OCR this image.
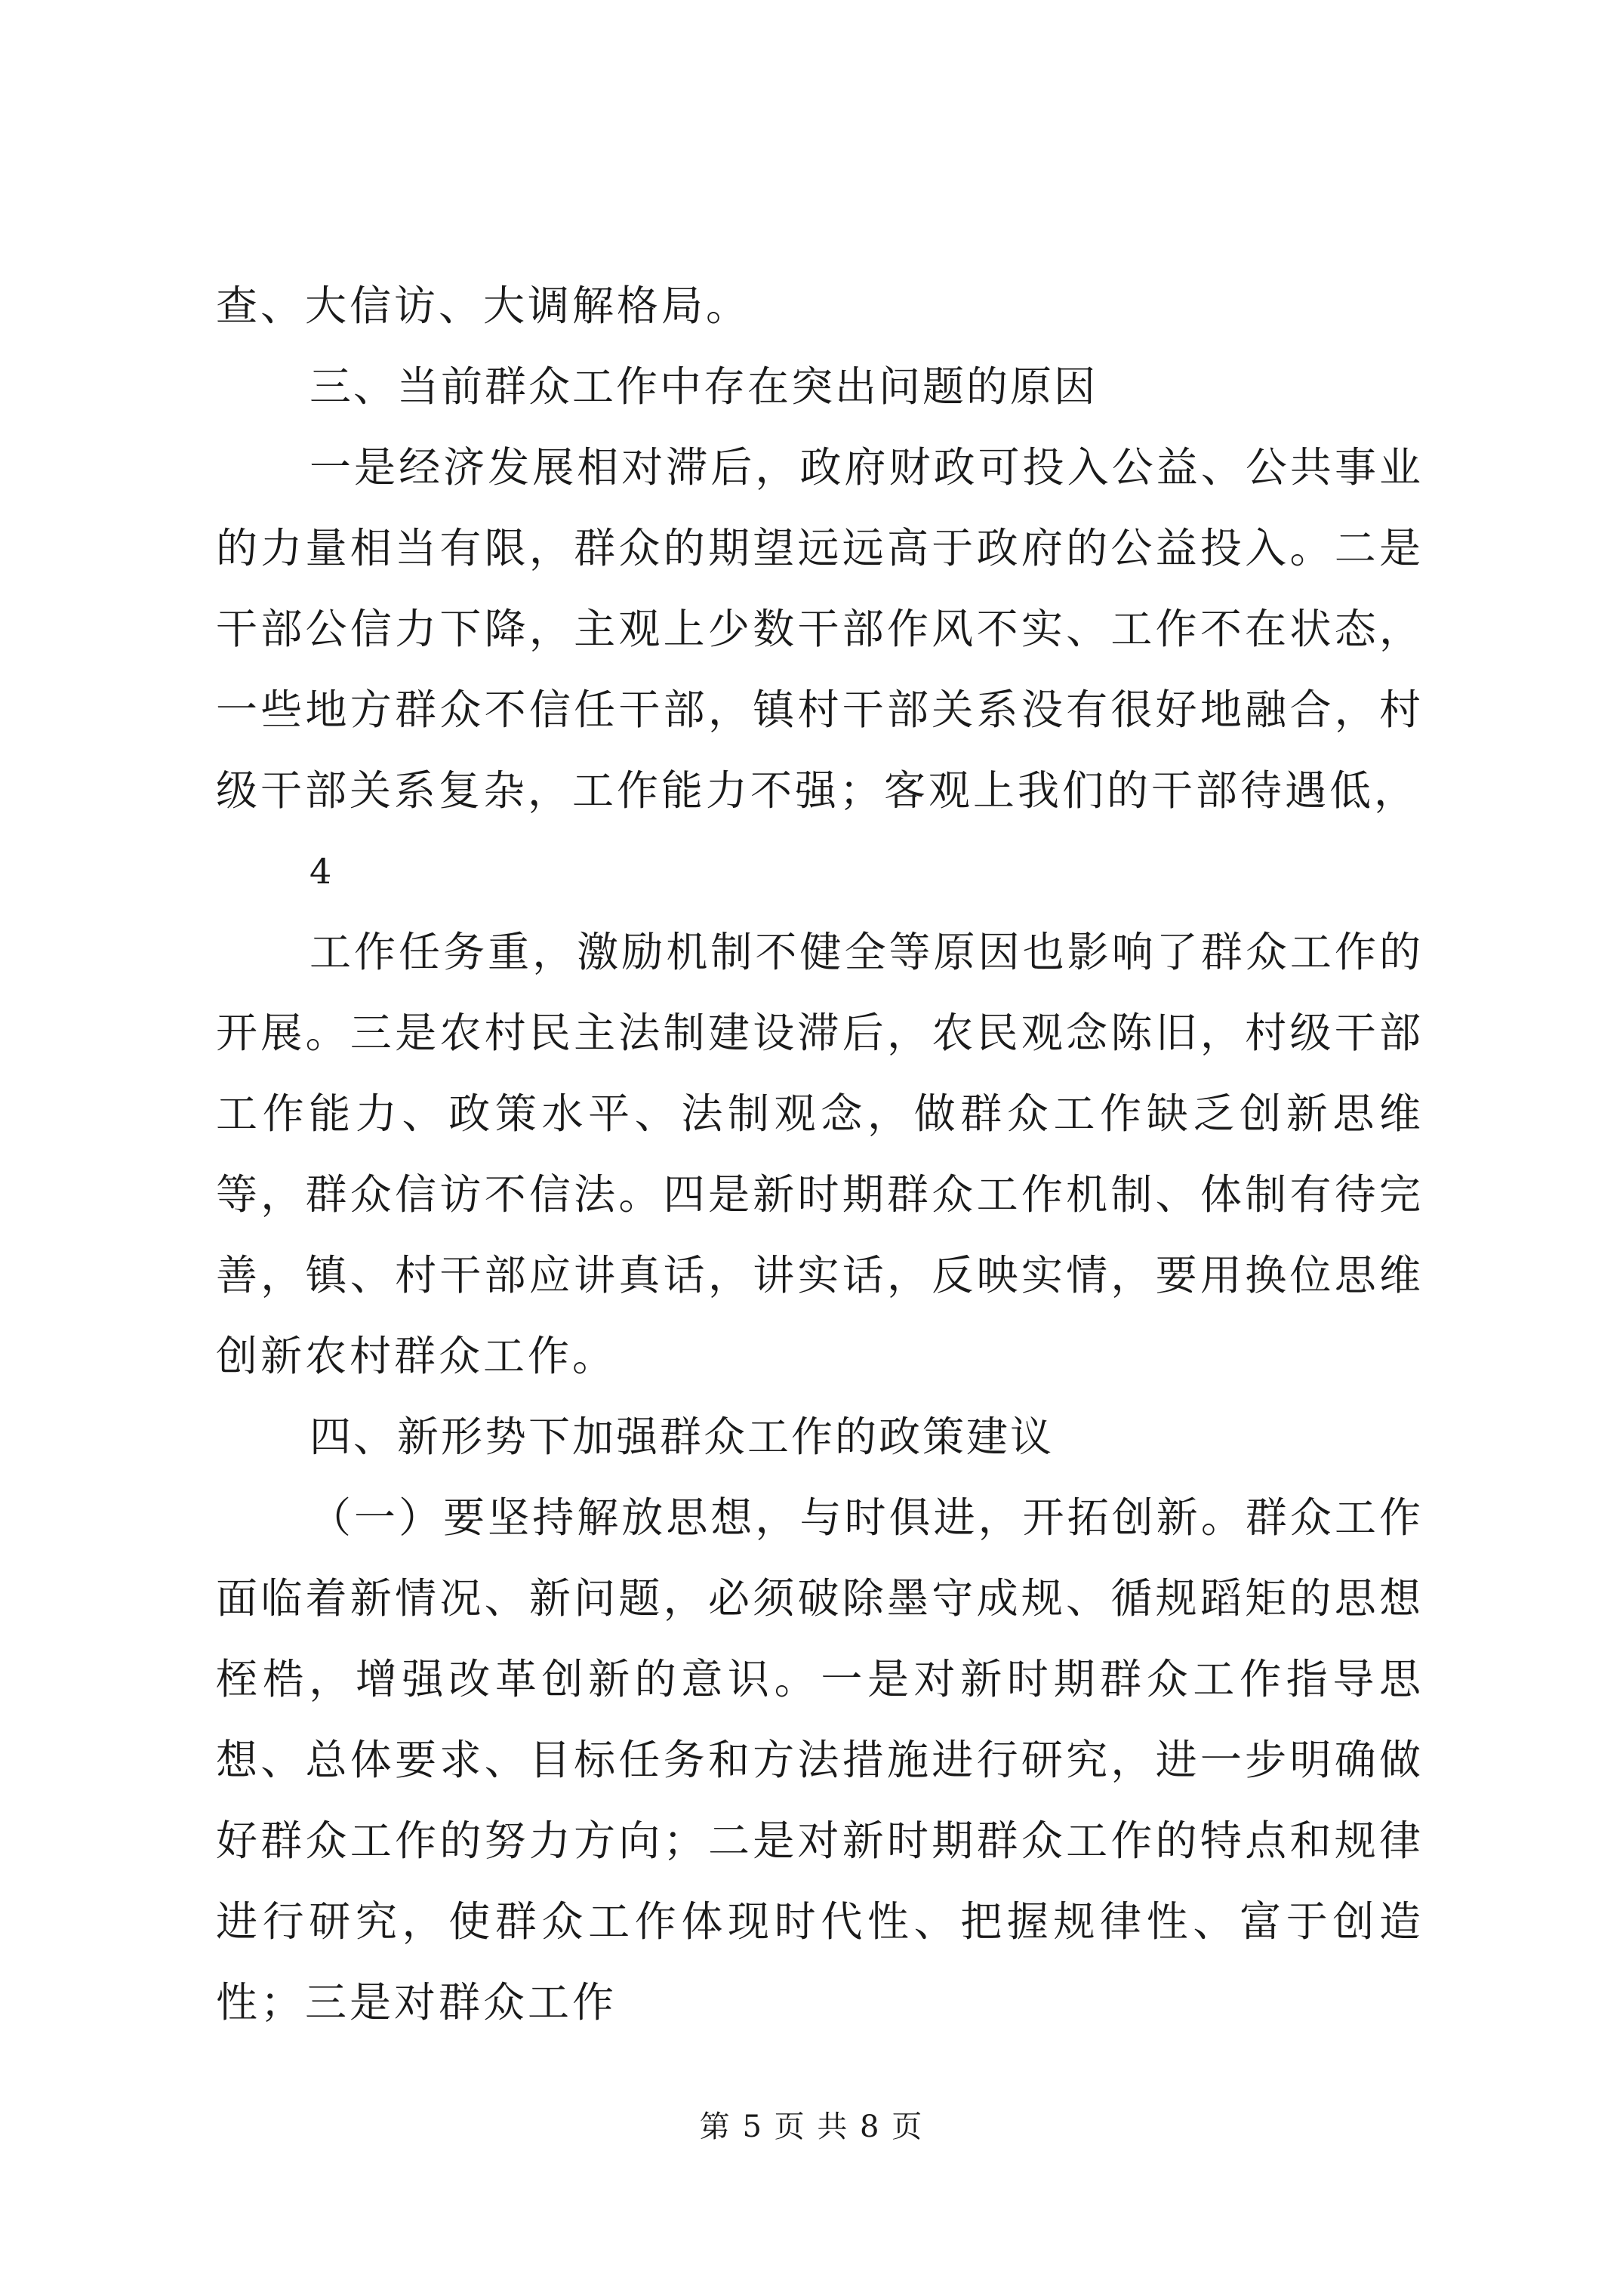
查、大信访、大调解格局。

三、当前群众工作中存在突出问题的原因

一是经济发展相对滞后，政府财政可投入公益、公共事业的力量相当有限，群众的期望远远高于政府的公益投入。二是干部公信力下降，主观上少数干部作风不实、工作不在状态，一些地方群众不信任干部，镇村干部关系没有很好地融合，村级干部关系复杂，工作能力不强；客观上我们的干部待遇低，

4

工作任务重，激励机制不健全等原因也影响了群众工作的开展。三是农村民主法制建设滞后，农民观念陈旧，村级干部工作能力、政策水平、法制观念，做群众工作缺乏创新思维等，群众信访不信法。四是新时期群众工作机制、体制有待完善，镇、村干部应讲真话，讲实话，反映实情，要用换位思维创新农村群众工作。

四、新形势下加强群众工作的政策建议

（一）要坚持解放思想，与时俱进，开拓创新。群众工作面临着新情况、新问题，必须破除墨守成规、循规蹈矩的思想桎梏，增强改革创新的意识。一是对新时期群众工作指导思想、总体要求、目标任务和方法措施进行研究，进一步明确做好群众工作的努力方向；二是对新时期群众工作的特点和规律进行研究，使群众工作体现时代性、把握规律性、富于创造性；三是对群众工作

第 5 页 共 8 页
